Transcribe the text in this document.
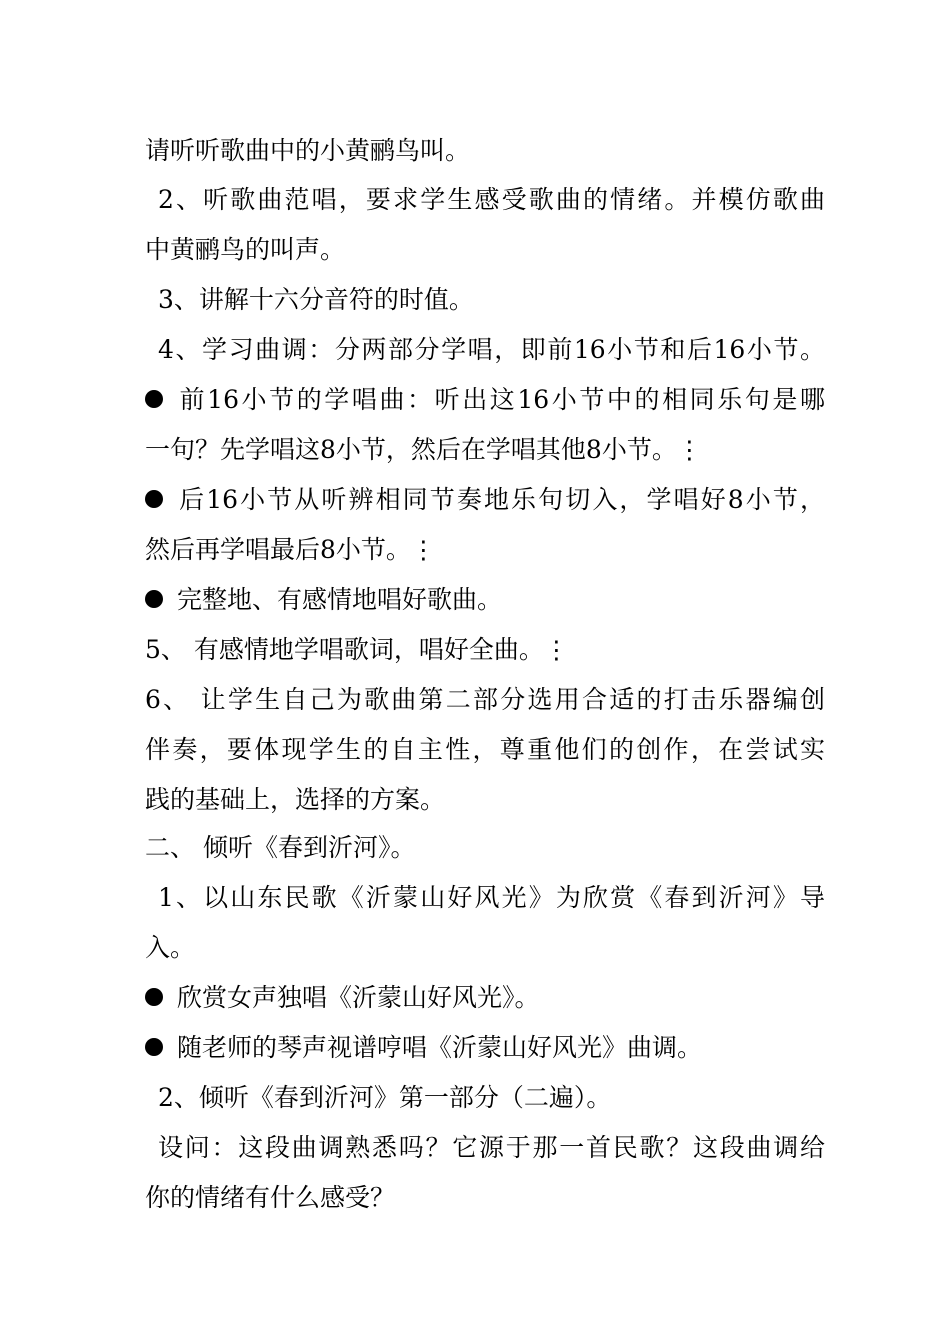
请听听歌曲中的小黄鹂鸟叫。
2、听歌曲范唱，要求学生感受歌曲的情绪。并模仿歌曲
中黄鹂鸟的叫声。
3、讲解十六分音符的时值。
4、学习曲调：分两部分学唱，即前16小节和后16小节。
前16小节的学唱曲：听出这16小节中的相同乐句是哪
一句？先学唱这8小节，然后在学唱其他8小节。⋮
后16小节从听辨相同节奏地乐句切入，学唱好8小节，
然后再学唱最后8小节。⋮
完整地、有感情地唱好歌曲。
5、 有感情地学唱歌词，唱好全曲。⋮
6、 让学生自己为歌曲第二部分选用合适的打击乐器编创
伴奏，要体现学生的自主性，尊重他们的创作，在尝试实
践的基础上，选择的方案。
二、 倾听《春到沂河》。
1、以山东民歌《沂蒙山好风光》为欣赏《春到沂河》导
入。
欣赏女声独唱《沂蒙山好风光》。
随老师的琴声视谱哼唱《沂蒙山好风光》曲调。
2、倾听《春到沂河》第一部分（二遍）。
设问：这段曲调熟悉吗？它源于那一首民歌？这段曲调给
你的情绪有什么感受？
